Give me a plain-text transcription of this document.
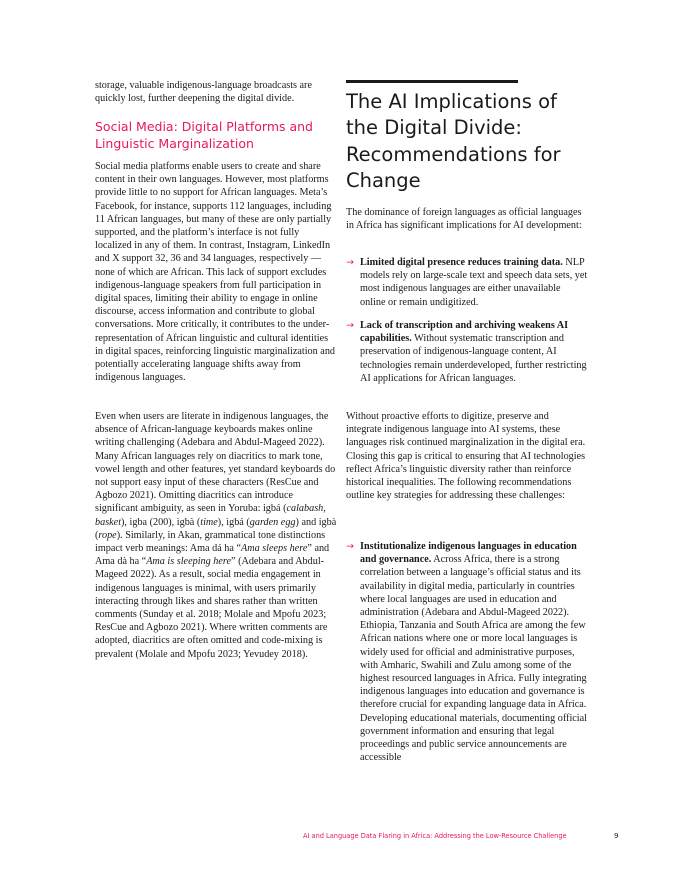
storage, valuable indigenous-language broadcasts are quickly lost, further deepening the digital divide.

Social Media: Digital Platforms and Linguistic Marginalization

Social media platforms enable users to create and share content in their own languages. However, most platforms provide little to no support for African languages. Meta’s Facebook, for instance, supports 112 languages, including 11 African languages, but many of these are only partially supported, and the platform’s interface is not fully localized in any of them. In contrast, Instagram, LinkedIn and X support 32, 36 and 34 languages, respectively — none of which are African. This lack of support excludes indigenous-language speakers from full participation in digital spaces, limiting their ability to engage in online discourse, access information and contribute to global conversations. More critically, it contributes to the under-representation of African linguistic and cultural identities in digital spaces, reinforcing linguistic marginalization and potentially accelerating language shifts away from indigenous languages.

Even when users are literate in indigenous languages, the absence of African-language keyboards makes online writing challenging (Adebara and Abdul-Mageed 2022). Many African languages rely on diacritics to mark tone, vowel length and other features, yet standard keyboards do not support easy input of these characters (ResCue and Agbozo 2021). Omitting diacritics can introduce significant ambiguity, as seen in Yoruba: igbá (calabash, basket), igba (200), ìgbà (time), ìgbá (garden egg) and igbà (rope). Similarly, in Akan, grammatical tone distinctions impact verb meanings: Ama dá ha “Ama sleeps here” and Ama dà ha “Ama is sleeping here” (Adebara and Abdul-Mageed 2022). As a result, social media engagement in indigenous languages is minimal, with users primarily interacting through likes and shares rather than written comments (Sunday et al. 2018; Molale and Mpofu 2023; ResCue and Agbozo 2021). Where written comments are adopted, diacritics are often omitted and code-mixing is prevalent (Molale and Mpofu 2023; Yevudey 2018).

The AI Implications of the Digital Divide: Recommendations for Change

The dominance of foreign languages as official languages in Africa has significant implications for AI development:

→ Limited digital presence reduces training data. NLP models rely on large-scale text and speech data sets, yet most indigenous languages are either unavailable online or remain undigitized.
→ Lack of transcription and archiving weakens AI capabilities. Without systematic transcription and preservation of indigenous-language content, AI technologies remain underdeveloped, further restricting AI applications for African languages.

Without proactive efforts to digitize, preserve and integrate indigenous language into AI systems, these languages risk continued marginalization in the digital era. Closing this gap is critical to ensuring that AI technologies reflect Africa’s linguistic diversity rather than reinforce historical inequalities. The following recommendations outline key strategies for addressing these challenges:

→ Institutionalize indigenous languages in education and governance. Across Africa, there is a strong correlation between a language’s official status and its availability in digital media, particularly in countries where local languages are used in education and administration (Adebara and Abdul-Mageed 2022). Ethiopia, Tanzania and South Africa are among the few African nations where one or more local languages is widely used for official and administrative purposes, with Amharic, Swahili and Zulu among some of the highest resourced languages in Africa. Fully integrating indigenous languages into education and governance is therefore crucial for expanding language data in Africa. Developing educational materials, documenting official government information and ensuring that legal proceedings and public service announcements are accessible
AI and Language Data Flaring in Africa: Addressing the Low-Resource Challenge	9
